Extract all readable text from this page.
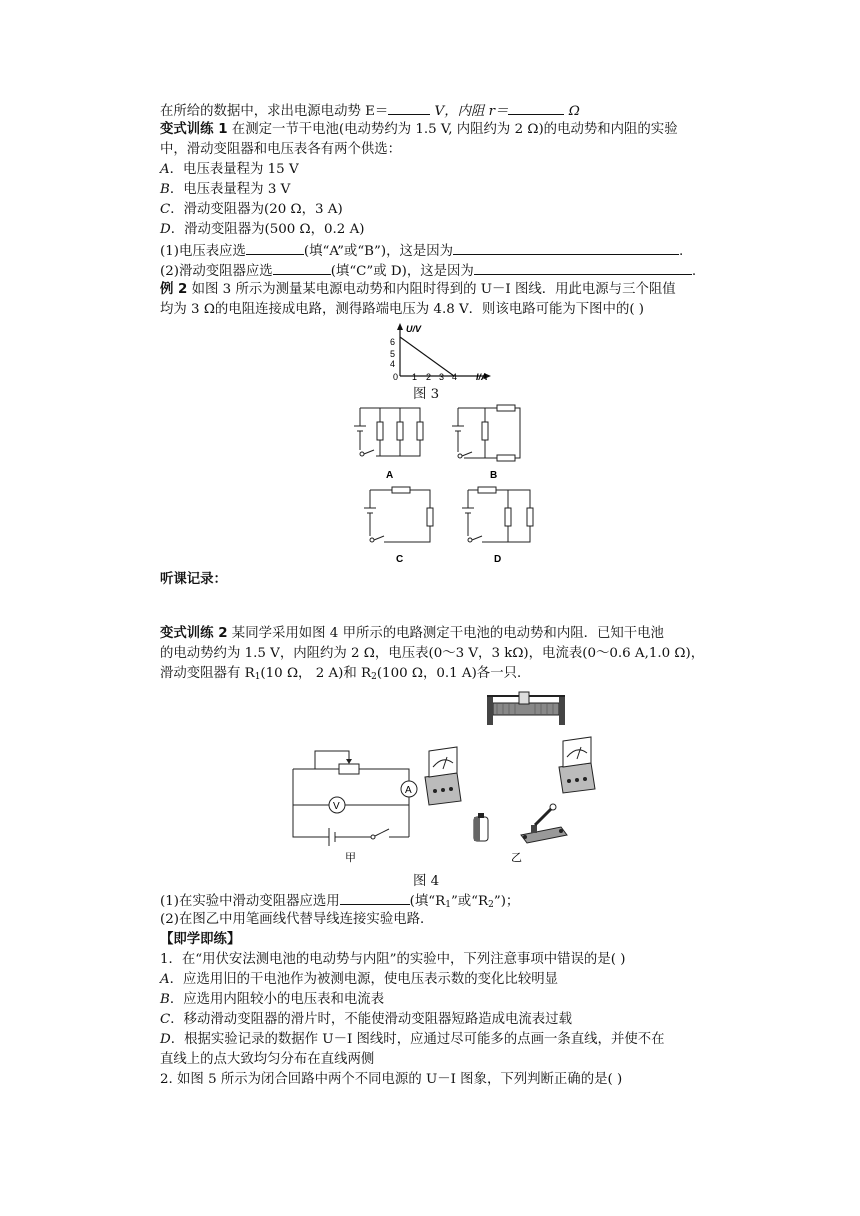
在所给的数据中，求出电源电动势 E＝	V，内阻 r＝	Ω
变式训练 1 在测定一节干电池(电动势约为 1.5 V, 内阻约为 2 Ω)的电动势和内阻的实验
中，滑动变阻器和电压表各有两个供选：
A．电压表量程为 15 V
B．电压表量程为 3 V
C．滑动变阻器为(20 Ω，3 A)
D．滑动变阻器为(500 Ω，0.2 A)
(1)电压表应选	(填“A”或“B”)，这是因为	.
(2)滑动变阻器应选	(填“C”或 D)，这是因为	.
例 2 如图 3 所示为测量某电源电动势和内阻时得到的 U－I 图线．用此电源与三个阻值
均为 3 Ω的电阻连接成电路，测得路端电压为 4.8 V．则该电路可能为下图中的( )
U/V
6
5
4
0 1 2 3 4 I/A
图 3
A	B
C	D
听课记录：
变式训练 2 某同学采用如图 4 甲所示的电路测定干电池的电动势和内阻．已知干电池
的电动势约为 1.5 V，内阻约为 2 Ω，电压表(0～3 V，3 kΩ)，电流表(0～0.6 A,1.0 Ω)，
滑动变阻器有 $R_1(10$ Ω， 2 A)和 $R_2(100$ Ω，0.1 A)各一只．
V
A
甲	乙
图 4
(1)在实验中滑动变阻器应选用	(填“$R_1$”或“$R_2$”)；
(2)在图乙中用笔画线代替导线连接实验电路．
【即学即练】
1．在“用伏安法测电池的电动势与内阻”的实验中，下列注意事项中错误的是( )
A．应选用旧的干电池作为被测电源，使电压表示数的变化比较明显
B．应选用内阻较小的电压表和电流表
C．移动滑动变阻器的滑片时，不能使滑动变阻器短路造成电流表过载
D．根据实验记录的数据作 U－I 图线时，应通过尽可能多的点画一条直线，并使不在
直线上的点大致均匀分布在直线两侧
2. 如图 5 所示为闭合回路中两个不同电源的 U－I 图象，下列判断正确的是( )
